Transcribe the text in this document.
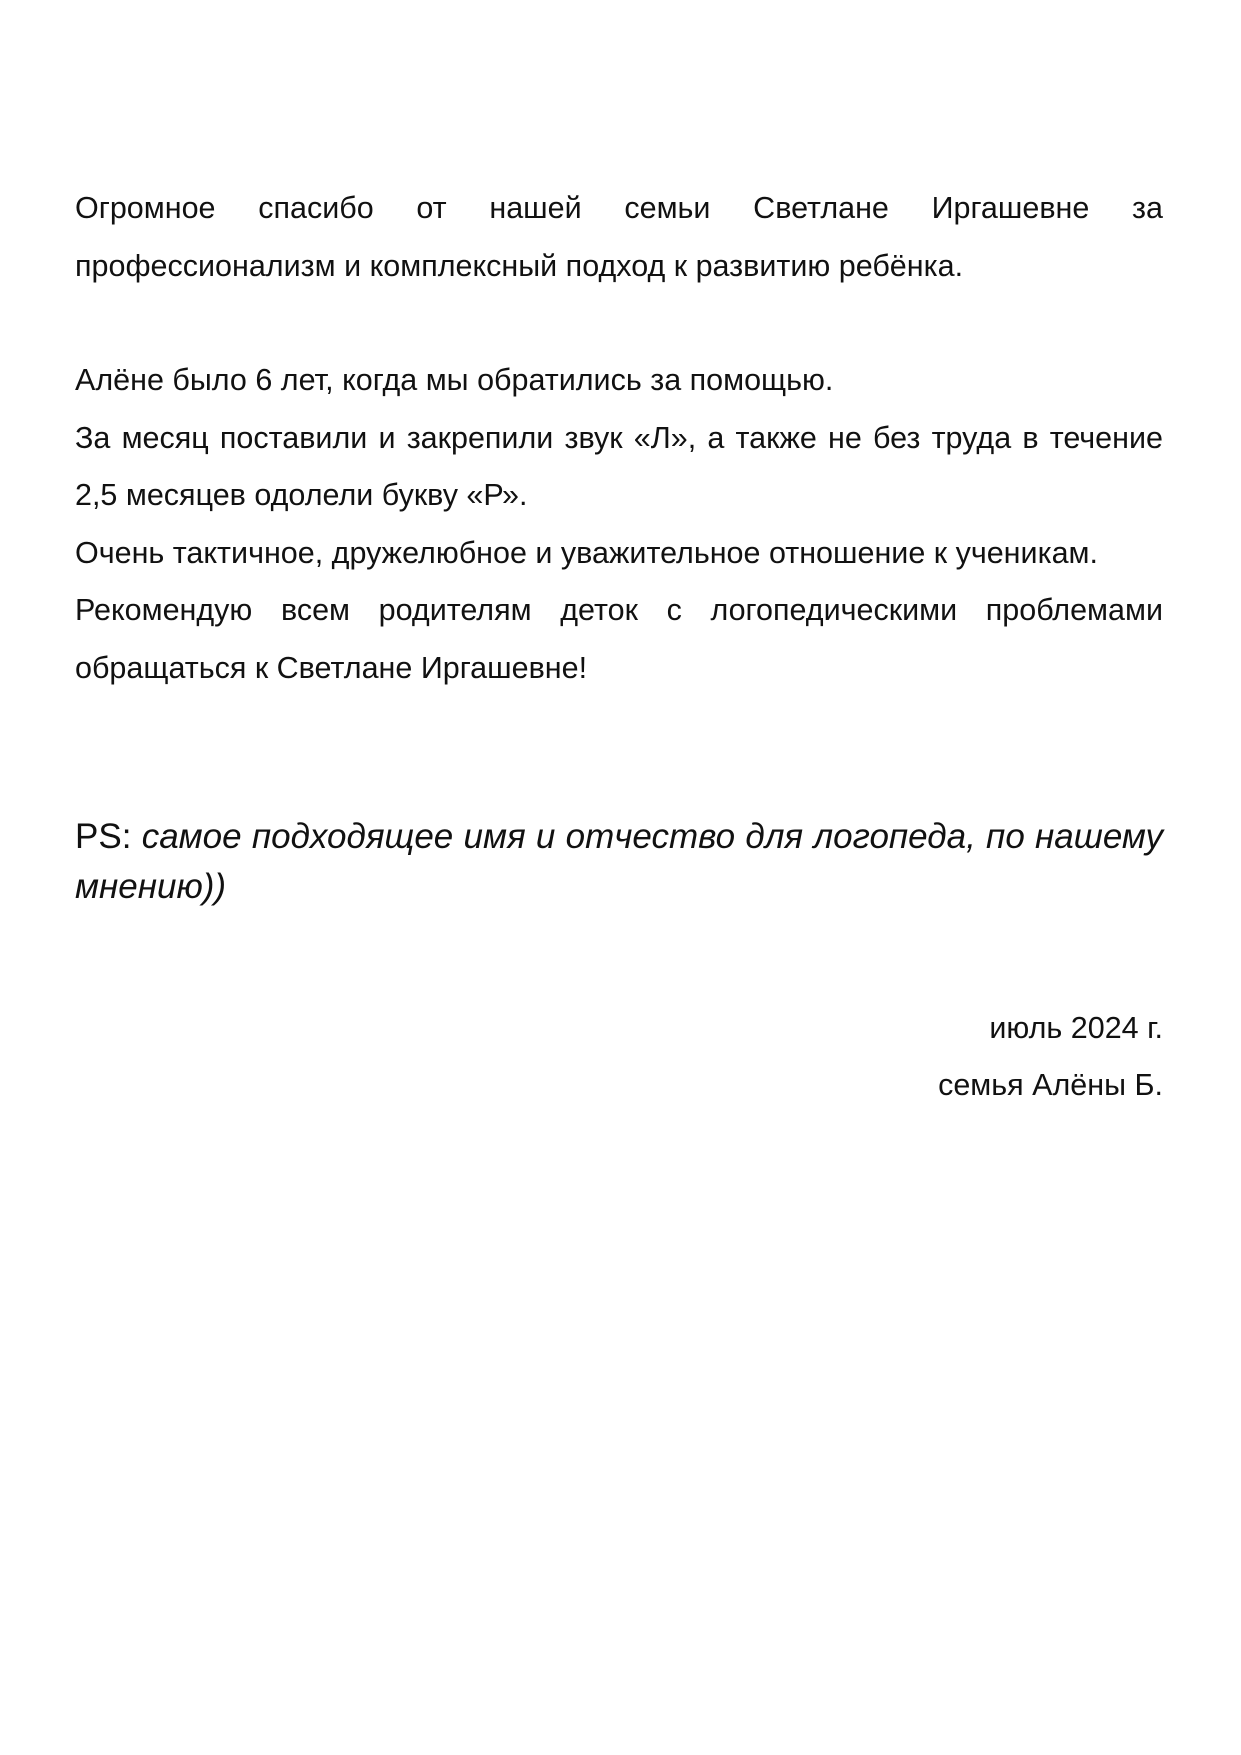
Огромное спасибо от нашей семьи Светлане Иргашевне за профессионализм и комплексный подход к развитию ребёнка.

Алёне было 6 лет, когда мы обратились за помощью.

За месяц поставили и закрепили звук «Л», а также не без труда в течение 2,5 месяцев одолели букву «Р».

Очень тактичное, дружелюбное и уважительное отношение к ученикам.

Рекомендую всем родителям деток с логопедическими проблемами обращаться к Светлане Иргашевне!

PS: самое подходящее имя и отчество для логопеда, по нашему мнению))

июль 2024 г.
семья Алёны Б.
